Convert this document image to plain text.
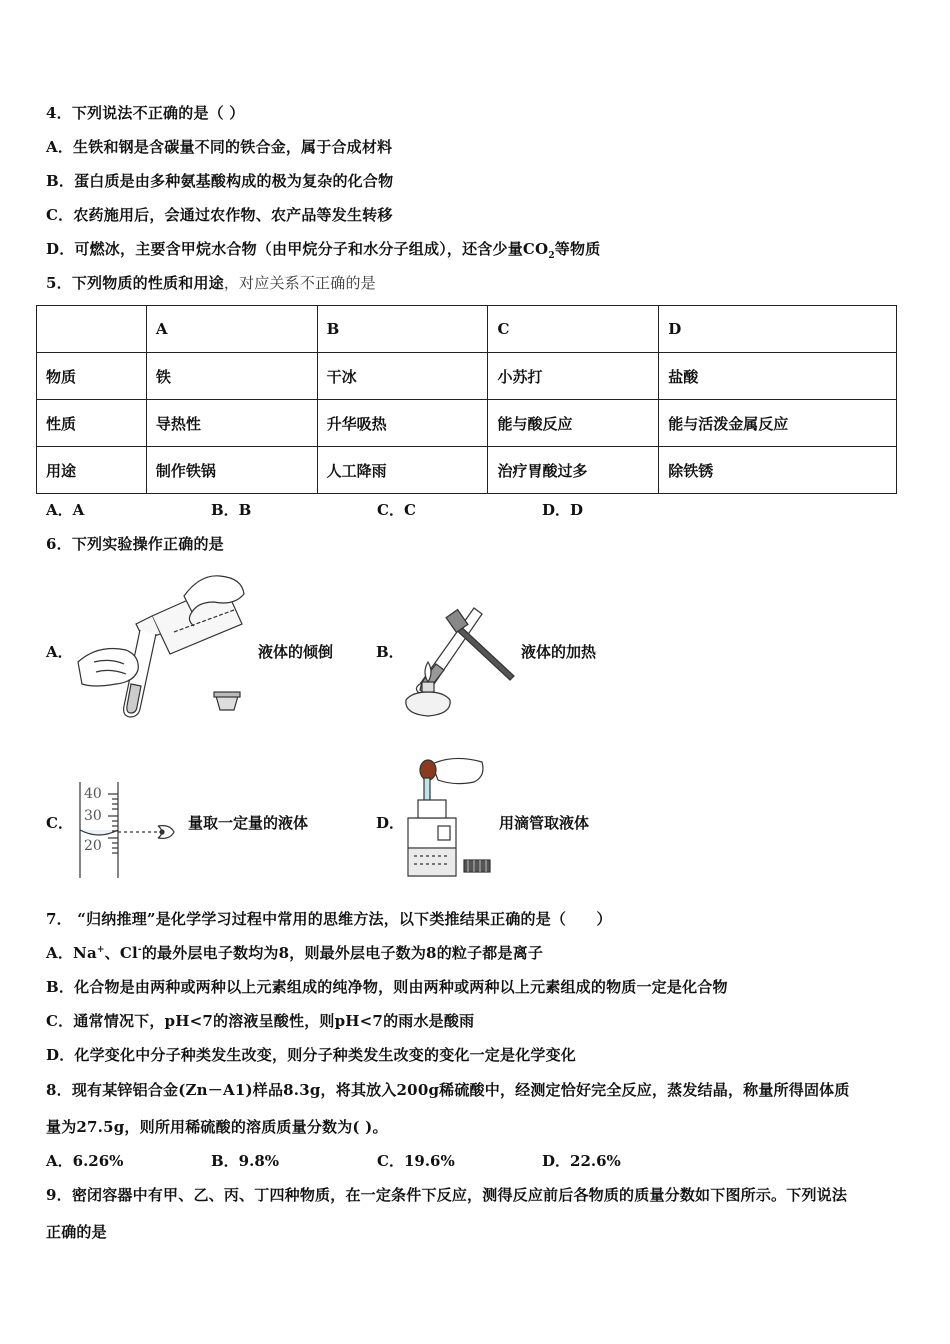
4．下列说法不正确的是（ ）
A．生铁和钢是含碳量不同的铁合金，属于合成材料
B．蛋白质是由多种氨基酸构成的极为复杂的化合物
C．农药施用后，会通过农作物、农产品等发生转移
D．可燃冰，主要含甲烷水合物（由甲烷分子和水分子组成），还含少量$CO_2$等物质
5．下列物质的性质和用途，对应关系不正确的是
	A	B	C	D
物质	铁	干冰	小苏打	盐酸
性质	导热性	升华吸热	能与酸反应	能与活泼金属反应
用途	制作铁锅	人工降雨	治疗胃酸过多	除铁锈
A．A	B．B	C．C	D．D
6．下列实验操作正确的是
A．	液体的倾倒	B．	液体的加热
C．
40
30
20
量取一定量的液体	D．	用滴管取液体
7． “归纳推理”是化学学习过程中常用的思维方法，以下类推结果正确的是（　　）
A．Na+、Cl-的最外层电子数均为8，则最外层电子数为8的粒子都是离子
B．化合物是由两种或两种以上元素组成的纯净物，则由两种或两种以上元素组成的物质一定是化合物
C．通常情况下，pH<7的溶液呈酸性，则pH<7的雨水是酸雨
D．化学变化中分子种类发生改变，则分子种类发生改变的变化一定是化学变化
8．现有某锌铝合金(Zn－A1)样品8.3g，将其放入200g稀硫酸中，经测定恰好完全反应，蒸发结晶，称量所得固体质
量为27.5g，则所用稀硫酸的溶质质量分数为( )。
A．6.26%	B．9.8%	C．19.6%	D．22.6%
9．密闭容器中有甲、乙、丙、丁四种物质，在一定条件下反应，测得反应前后各物质的质量分数如下图所示。下列说法
正确的是
